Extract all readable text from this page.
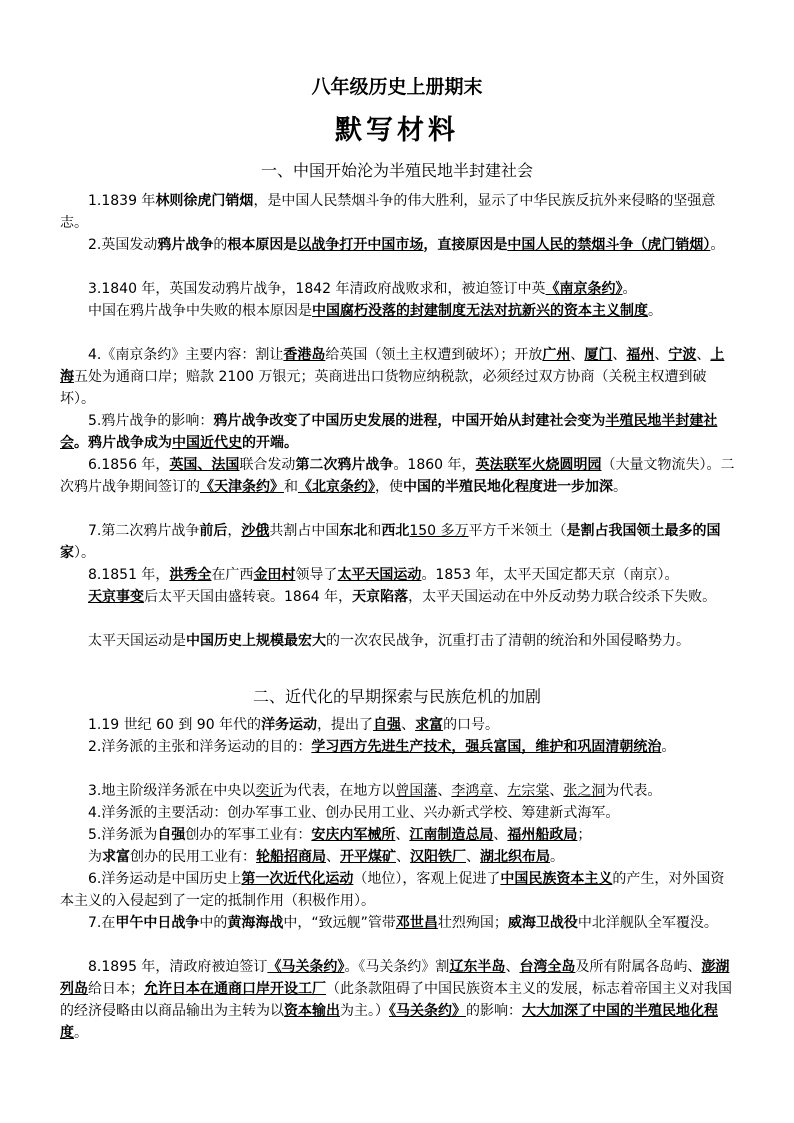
八年级历史上册期末
默写材料
一、中国开始沦为半殖民地半封建社会
1.1839 年林则徐虎门销烟，是中国人民禁烟斗争的伟大胜利，显示了中华民族反抗外来侵略的坚强意志。
2.英国发动鸦片战争的根本原因是以战争打开中国市场，直接原因是中国人民的禁烟斗争（虎门销烟）。
3.1840 年，英国发动鸦片战争，1842 年清政府战败求和，被迫签订中英《南京条约》。
中国在鸦片战争中失败的根本原因是中国腐朽没落的封建制度无法对抗新兴的资本主义制度。
4.《南京条约》主要内容：割让香港岛给英国（领土主权遭到破坏）；开放广州、厦门、福州、宁波、上海五处为通商口岸；赔款 2100 万银元；英商进出口货物应纳税款，必须经过双方协商（关税主权遭到破坏）。
5.鸦片战争的影响：鸦片战争改变了中国历史发展的进程，中国开始从封建社会变为半殖民地半封建社会。鸦片战争成为中国近代史的开端。
6.1856 年，英国、法国联合发动第二次鸦片战争。1860 年，英法联军火烧圆明园（大量文物流失）。二次鸦片战争期间签订的《天津条约》和《北京条约》，使中国的半殖民地化程度进一步加深。
7.第二次鸦片战争前后，沙俄共割占中国东北和西北150 多万平方千米领土（是割占我国领土最多的国家）。
8.1851 年，洪秀全在广西金田村领导了太平天国运动。1853 年，太平天国定都天京（南京）。
天京事变后太平天国由盛转衰。1864 年，天京陷落，太平天国运动在中外反动势力联合绞杀下失败。
太平天国运动是中国历史上规模最宏大的一次农民战争，沉重打击了清朝的统治和外国侵略势力。
二、近代化的早期探索与民族危机的加剧
1.19 世纪 60 到 90 年代的洋务运动，提出了自强、求富的口号。
2.洋务派的主张和洋务运动的目的：学习西方先进生产技术，强兵富国，维护和巩固清朝统治。
3.地主阶级洋务派在中央以奕䜣为代表，在地方以曾国藩、李鸿章、左宗棠、张之洞为代表。
4.洋务派的主要活动：创办军事工业、创办民用工业、兴办新式学校、筹建新式海军。
5.洋务派为自强创办的军事工业有：安庆内军械所、江南制造总局、福州船政局；
为求富创办的民用工业有：轮船招商局、开平煤矿、汉阳铁厂、湖北织布局。
6.洋务运动是中国历史上第一次近代化运动（地位），客观上促进了中国民族资本主义的产生，对外国资本主义的入侵起到了一定的抵制作用（积极作用）。
7.在甲午中日战争中的黄海海战中，“致远舰”管带邓世昌壮烈殉国；威海卫战役中北洋舰队全军覆没。
8.1895 年，清政府被迫签订《马关条约》。《马关条约》割辽东半岛、台湾全岛及所有附属各岛屿、澎湖列岛给日本；允许日本在通商口岸开设工厂（此条款阻碍了中国民族资本主义的发展，标志着帝国主义对我国的经济侵略由以商品输出为主转为以资本输出为主。）《马关条约》的影响：大大加深了中国的半殖民地化程度。
